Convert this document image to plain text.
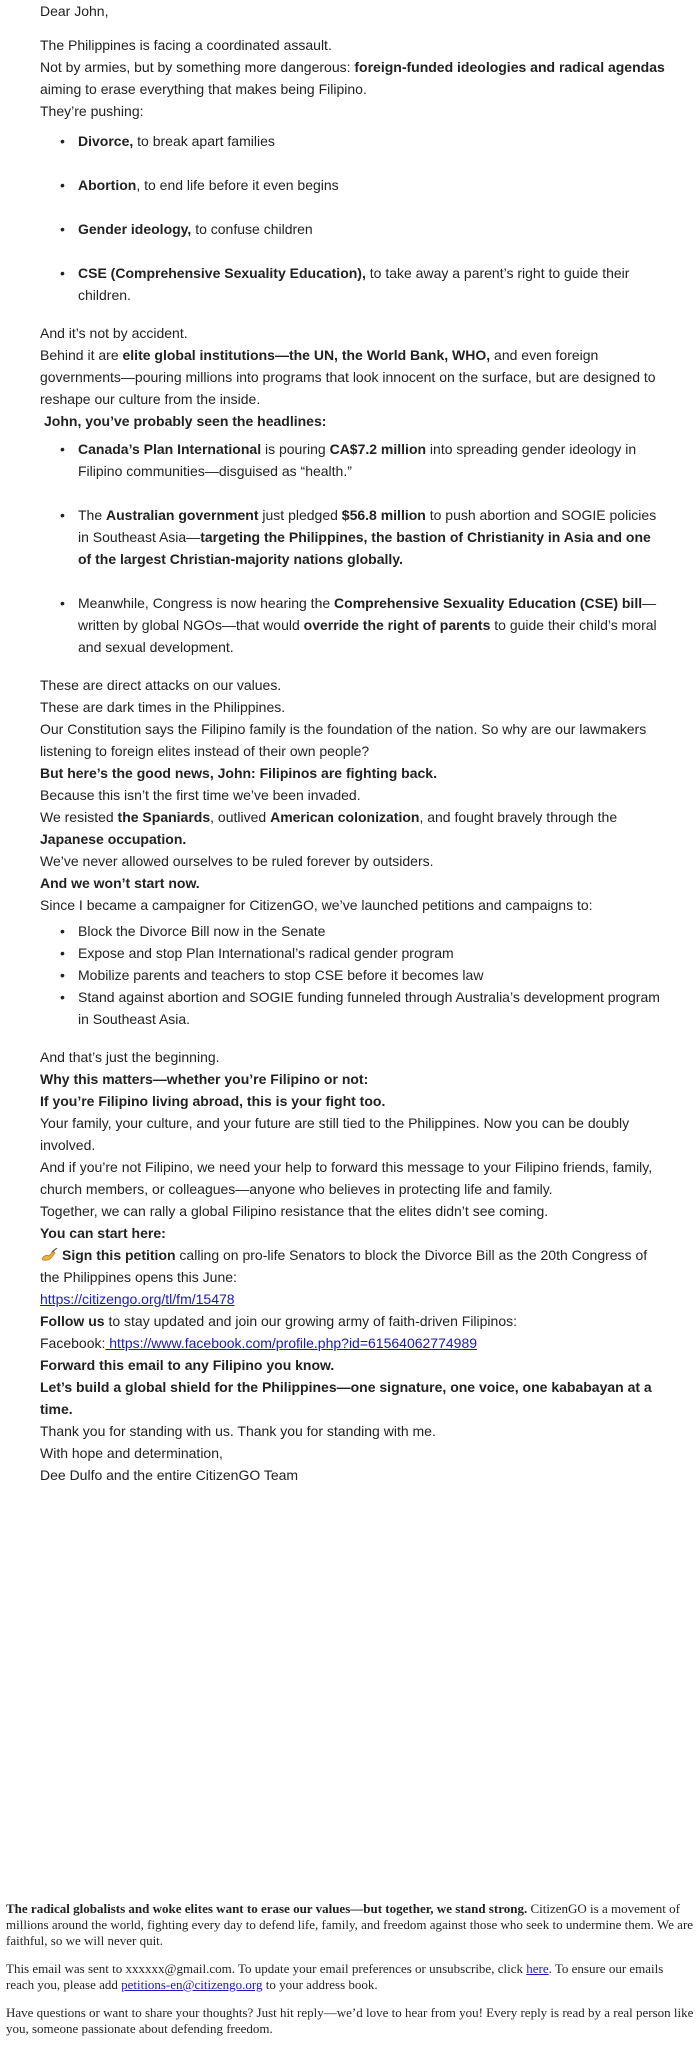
Dear John,

The Philippines is facing a coordinated assault.

Not by armies, but by something more dangerous: foreign-funded ideologies and radical agendas aiming to erase everything that makes being Filipino.

They’re pushing:

• Divorce, to break apart families
• Abortion, to end life before it even begins
• Gender ideology, to confuse children
• CSE (Comprehensive Sexuality Education), to take away a parent’s right to guide their children.

And it’s not by accident.

Behind it are elite global institutions—the UN, the World Bank, WHO, and even foreign governments—pouring millions into programs that look innocent on the surface, but are designed to reshape our culture from the inside.

John, you’ve probably seen the headlines:

• Canada’s Plan International is pouring CA$7.2 million into spreading gender ideology in Filipino communities—disguised as “health.”
• The Australian government just pledged $56.8 million to push abortion and SOGIE policies in Southeast Asia—targeting the Philippines, the bastion of Christianity in Asia and one of the largest Christian-majority nations globally.
• Meanwhile, Congress is now hearing the Comprehensive Sexuality Education (CSE) bill—written by global NGOs—that would override the right of parents to guide their child’s moral and sexual development.

These are direct attacks on our values.

These are dark times in the Philippines.

Our Constitution says the Filipino family is the foundation of the nation. So why are our lawmakers listening to foreign elites instead of their own people?

But here’s the good news, John: Filipinos are fighting back.

Because this isn’t the first time we’ve been invaded.

We resisted the Spaniards, outlived American colonization, and fought bravely through the Japanese occupation.

We’ve never allowed ourselves to be ruled forever by outsiders.

And we won’t start now.

Since I became a campaigner for CitizenGO, we’ve launched petitions and campaigns to:

• Block the Divorce Bill now in the Senate
• Expose and stop Plan International’s radical gender program
• Mobilize parents and teachers to stop CSE before it becomes law
• Stand against abortion and SOGIE funding funneled through Australia’s development program in Southeast Asia.

And that’s just the beginning.

Why this matters—whether you’re Filipino or not:

If you’re Filipino living abroad, this is your fight too.

Your family, your culture, and your future are still tied to the Philippines. Now you can be doubly involved.

And if you’re not Filipino, we need your help to forward this message to your Filipino friends, family, church members, or colleagues—anyone who believes in protecting life and family.

Together, we can rally a global Filipino resistance that the elites didn’t see coming.

You can start here:

Sign this petition calling on pro-life Senators to block the Divorce Bill as the 20th Congress of the Philippines opens this June:

https://citizengo.org/tl/fm/15478

Follow us to stay updated and join our growing army of faith-driven Filipinos:
Facebook: https://www.facebook.com/profile.php?id=61564062774989

Forward this email to any Filipino you know.

Let’s build a global shield for the Philippines—one signature, one voice, one kababayan at a time.

Thank you for standing with us. Thank you for standing with me.

With hope and determination,

Dee Dulfo and the entire CitizenGO Team

The radical globalists and woke elites want to erase our values—but together, we stand strong. CitizenGO is a movement of millions around the world, fighting every day to defend life, family, and freedom against those who seek to undermine them. We are faithful, so we will never quit.

This email was sent to xxxxxx@gmail.com. To update your email preferences or unsubscribe, click here. To ensure our emails reach you, please add petitions-en@citizengo.org to your address book.

Have questions or want to share your thoughts? Just hit reply—we’d love to hear from you! Every reply is read by a real person like you, someone passionate about defending freedom.
